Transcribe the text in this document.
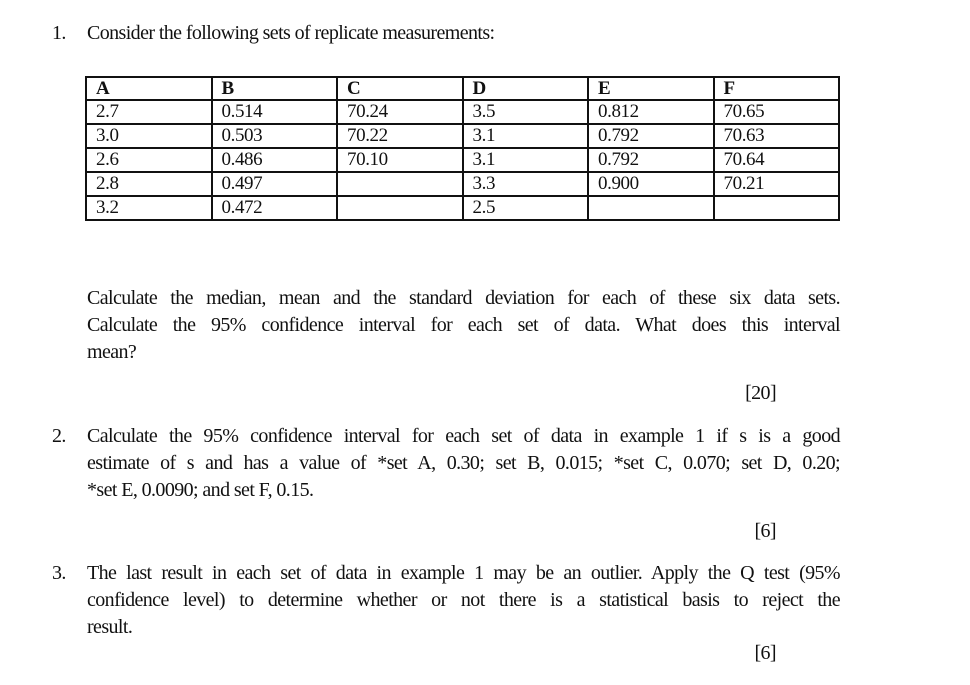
1. Consider the following sets of replicate measurements:
A	B	C	D	E	F
2.7	0.514	70.24	3.5	0.812	70.65
3.0	0.503	70.22	3.1	0.792	70.63
2.6	0.486	70.10	3.1	0.792	70.64
2.8	0.497		3.3	0.900	70.21
3.2	0.472		2.5		
Calculate the median, mean and the standard deviation for each of these six data sets.
Calculate the 95% confidence interval for each set of data. What does this interval
mean?
[20]
2. Calculate the 95% confidence interval for each set of data in example 1 if s is a good
estimate of s and has a value of *set A, 0.30; set B, 0.015; *set C, 0.070; set D, 0.20;
*set E, 0.0090; and set F, 0.15.
[6]
3. The last result in each set of data in example 1 may be an outlier. Apply the Q test (95%
confidence level) to determine whether or not there is a statistical basis to reject the
result.
[6]
